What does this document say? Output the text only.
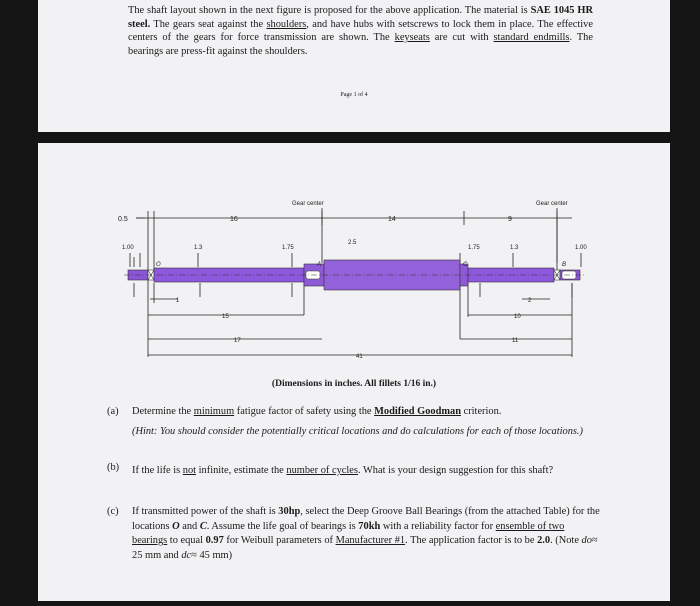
The shaft layout shown in the next figure is proposed for the above application. The material is SAE 1045 HR steel. The gears seat against the shoulders, and have hubs with setscrews to lock them in place. The effective centers of the gears for force transmission are shown. The keyseats are cut with standard endmills. The bearings are press-fit against the shoulders.
Page 1 of 4
0.5	16	14	9
Gear center	Gear center
1.00	1.3	1.75
2.5
1.75	1.3	1.00
O	A	C	B
1	2
15	10
17	11
41
(Dimensions in inches. All fillets 1/16 in.)
(a) Determine the minimum fatigue factor of safety using the Modified Goodman criterion.
(Hint: You should consider the potentially critical locations and do calculations for each of those locations.)
(b) If the life is not infinite, estimate the number of cycles. What is your design suggestion for this shaft?
(c) If transmitted power of the shaft is 30hp, select the Deep Groove Ball Bearings (from the attached Table) for the locations O and C. Assume the life goal of bearings is 70kh with a reliability factor for ensemble of two bearings to equal 0.97 for Weibull parameters of Manufacturer #1. The application factor is to be 2.0. (Note do≈ 25 mm and dc≈ 45 mm)
